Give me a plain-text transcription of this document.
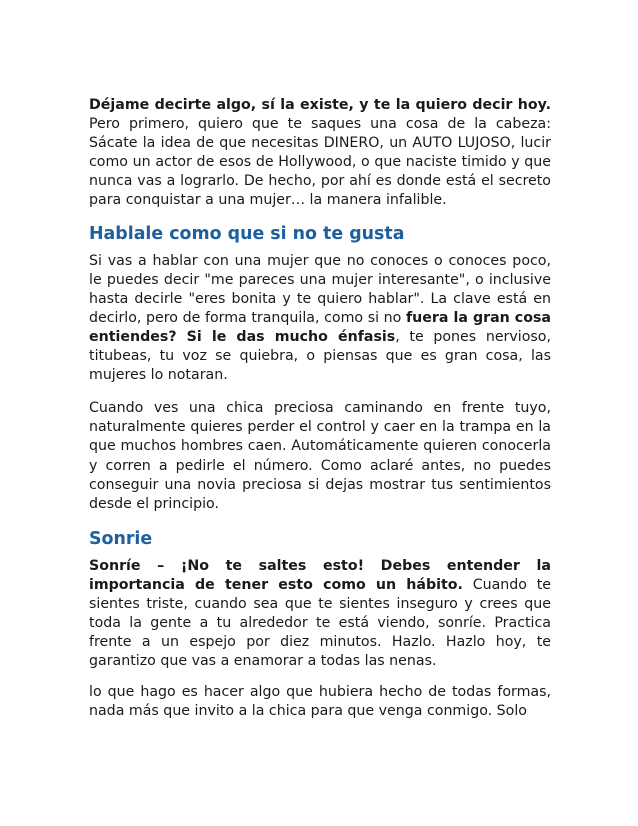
Déjame decirte algo, sí la existe, y te la quiero decir hoy. Pero primero, quiero que te saques una cosa de la cabeza: Sácate la idea de que necesitas DINERO, un AUTO LUJOSO, lucir como un actor de esos de Hollywood, o que naciste timido y que nunca vas a lograrlo. De hecho, por ahí es donde está el secreto para conquistar a una mujer… la manera infalible.

Hablale como que si no te gusta

Si vas a hablar con una mujer que no conoces o conoces poco, le puedes decir "me pareces una mujer interesante", o inclusive hasta decirle "eres bonita y te quiero hablar". La clave está en decirlo, pero de forma tranquila, como si no fuera la gran cosa entiendes? Si le das mucho énfasis, te pones nervioso, titubeas, tu voz se quiebra, o piensas que es gran cosa, las mujeres lo notaran.

Cuando ves una chica preciosa caminando en frente tuyo, naturalmente quieres perder el control y caer en la trampa en la que muchos hombres caen. Automáticamente quieren conocerla y corren a pedirle el número. Como aclaré antes, no puedes conseguir una novia preciosa si dejas mostrar tus sentimientos desde el principio.

Sonrie

Sonríe – ¡No te saltes esto! Debes entender la importancia de tener esto como un hábito. Cuando te sientes triste, cuando sea que te sientes inseguro y crees que toda la gente a tu alrededor te está viendo, sonríe. Practica frente a un espejo por diez minutos. Hazlo. Hazlo hoy, te garantizo que vas a enamorar a todas las nenas.

lo que hago es hacer algo que hubiera hecho de todas formas, nada más que invito a la chica para que venga conmigo. Solo
